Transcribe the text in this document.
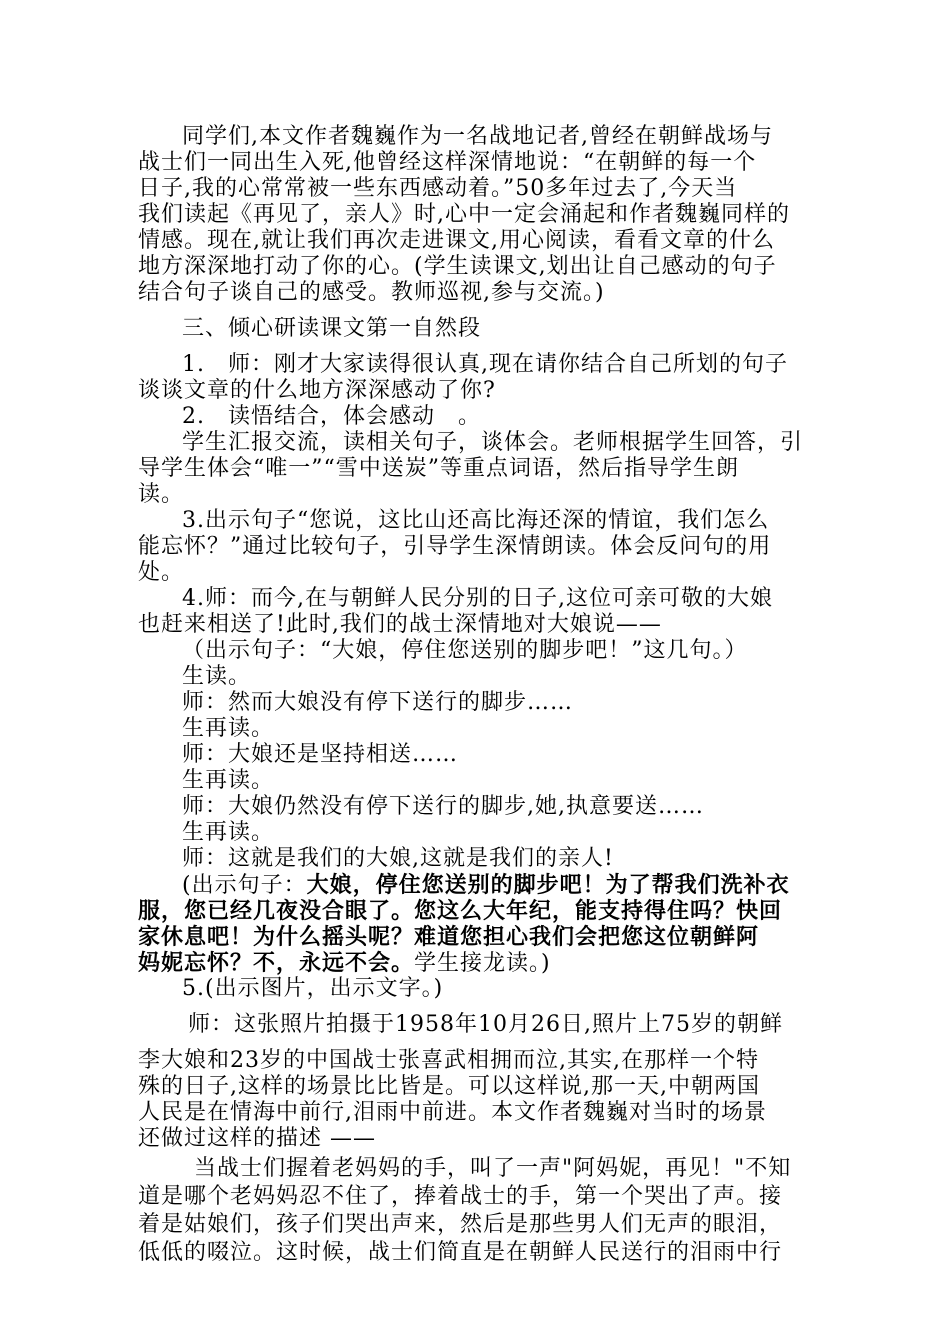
同学们,本文作者魏巍作为一名战地记者,曾经在朝鲜战场与
战士们一同出生入死,他曾经这样深情地说：“在朝鲜的每一个
日子,我的心常常被一些东西感动着。”50多年过去了,今天当
我们读起《再见了，亲人》时,心中一定会涌起和作者魏巍同样的
情感。现在,就让我们再次走进课文,用心阅读，看看文章的什么
地方深深地打动了你的心。(学生读课文,划出让自己感动的句子
结合句子谈自己的感受。教师巡视,参与交流。)
三、倾心研读课文第一自然段
1.　师：刚才大家读得很认真,现在请你结合自己所划的句子
谈谈文章的什么地方深深感动了你?
2.　读悟结合，体会感动　。
学生汇报交流，读相关句子，谈体会。老师根据学生回答，引
导学生体会“唯一”“雪中送炭”等重点词语，然后指导学生朗
读。
3.出示句子“您说，这比山还高比海还深的情谊，我们怎么
能忘怀？”通过比较句子，引导学生深情朗读。体会反问句的用
处。
4.师：而今,在与朝鲜人民分别的日子,这位可亲可敬的大娘
也赶来相送了!此时,我们的战士深情地对大娘说——
（出示句子：“大娘，停住您送别的脚步吧！”这几句。）
生读。
师：然而大娘没有停下送行的脚步……
生再读。
师：大娘还是坚持相送……
生再读。
师：大娘仍然没有停下送行的脚步,她,执意要送……
生再读。
师：这就是我们的大娘,这就是我们的亲人!
(出示句子：大娘，停住您送别的脚步吧！为了帮我们洗补衣
服，您已经几夜没合眼了。您这么大年纪，能支持得住吗？快回
家休息吧！为什么摇头呢？难道您担心我们会把您这位朝鲜阿
妈妮忘怀？不，永远不会。学生接龙读。)
5.(出示图片，出示文字。)
师：这张照片拍摄于1958年10月26日,照片上75岁的朝鲜
李大娘和23岁的中国战士张喜武相拥而泣,其实,在那样一个特
殊的日子,这样的场景比比皆是。可以这样说,那一天,中朝两国
人民是在情海中前行,泪雨中前进。本文作者魏巍对当时的场景
还做过这样的描述 ——
当战士们握着老妈妈的手，叫了一声"阿妈妮，再见！"不知
道是哪个老妈妈忍不住了，捧着战士的手，第一个哭出了声。接
着是姑娘们，孩子们哭出声来，然后是那些男人们无声的眼泪，
低低的啜泣。这时候，战士们简直是在朝鲜人民送行的泪雨中行
